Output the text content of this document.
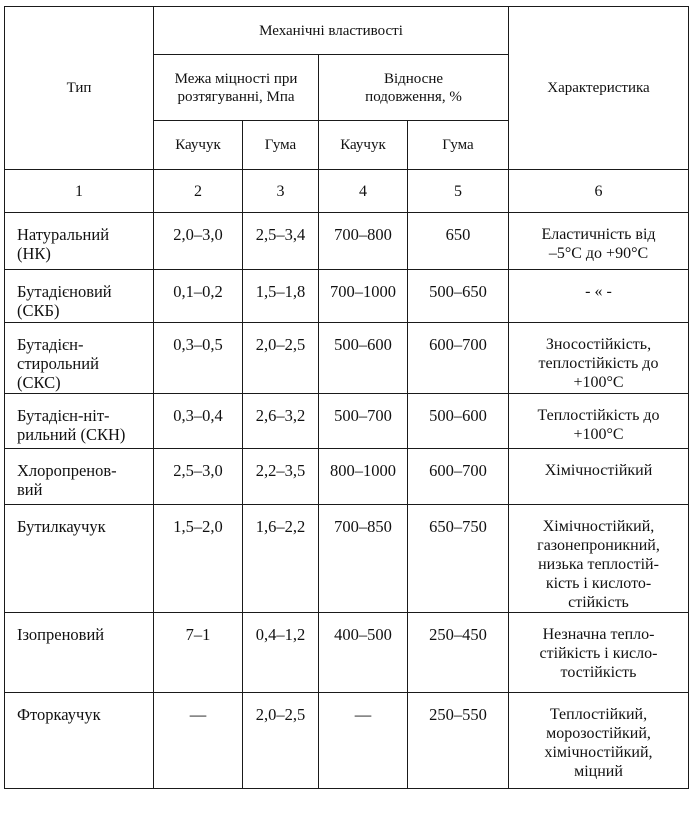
Тип	Механічні властивості				Характеристика
	Межа міцності при розтягуванні, Мпа		Відносне подовження, %		
	Каучук	Гума	Каучук	Гума	
1	2	3	4	5	6

Натуральний
(НК)	2,0–3,0	2,5–3,4	700–800	650	Еластичність від
–5°С до +90°С

Бутадієновий
(СКБ)	0,1–0,2	1,5–1,8	700–1000	500–650	- « -

Бутадієн-
стирольний
(СКС)	0,3–0,5	2,0–2,5	500–600	600–700	Зносостійкість,
теплостійкість до
+100°С

Бутадієн-ніт-
рильний (СКН)	0,3–0,4	2,6–3,2	500–700	500–600	Теплостійкість до
+100°С

Хлоропренов-
вий	2,5–3,0	2,2–3,5	800–1000	600–700	Хімічностійкий

Бутилкаучук	1,5–2,0	1,6–2,2	700–850	650–750	Хімічностійкий,
газонепроникний,
низька теплостій-
кість і кислото-
стійкість

Ізопреновий	7–1	0,4–1,2	400–500	250–450	Незначна тепло-
стійкість і кисло-
тостійкість

Фторкаучук	—	2,0–2,5	—	250–550	Теплостійкий,
морозостійкий,
хімічностійкий,
міцний
